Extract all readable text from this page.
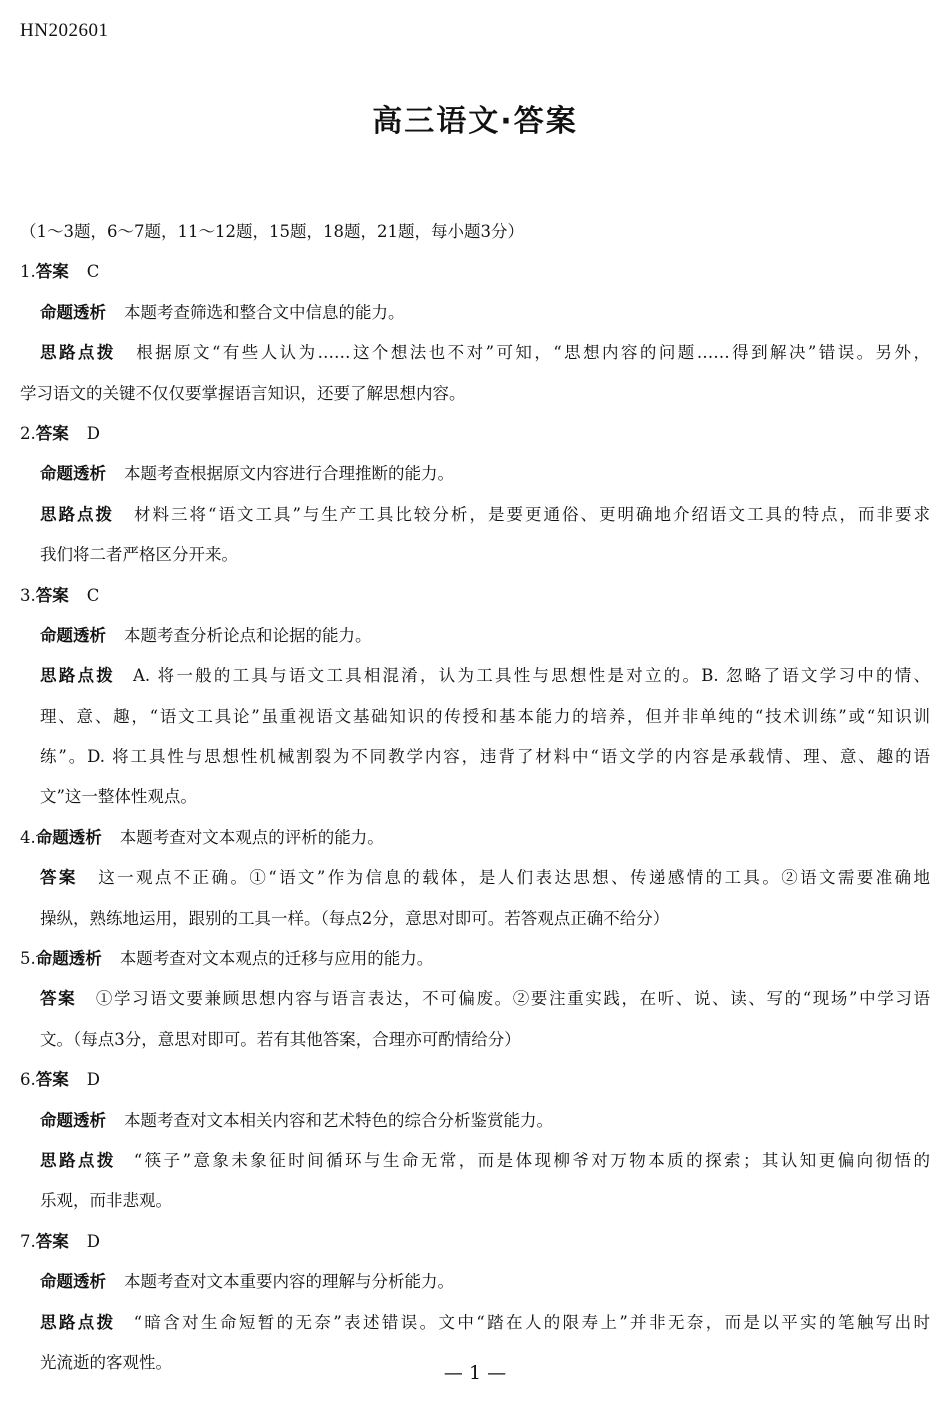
HN202601
高三语文·答案
（1～3题，6～7题，11～12题，15题，18题，21题，每小题3分）
1.答案 C
命题透析 本题考查筛选和整合文中信息的能力。
思路点拨 根据原文“有些人认为……这个想法也不对”可知，“思想内容的问题……得到解决”错误。另外，
学习语文的关键不仅仅要掌握语言知识，还要了解思想内容。
2.答案 D
命题透析 本题考查根据原文内容进行合理推断的能力。
思路点拨 材料三将“语文工具”与生产工具比较分析，是要更通俗、更明确地介绍语文工具的特点，而非要求
我们将二者严格区分开来。
3.答案 C
命题透析 本题考查分析论点和论据的能力。
思路点拨 A. 将一般的工具与语文工具相混淆，认为工具性与思想性是对立的。B. 忽略了语文学习中的情、
理、意、趣，“语文工具论”虽重视语文基础知识的传授和基本能力的培养，但并非单纯的“技术训练”或“知识训
练”。D. 将工具性与思想性机械割裂为不同教学内容，违背了材料中“语文学的内容是承载情、理、意、趣的语
文”这一整体性观点。
4.命题透析 本题考查对文本观点的评析的能力。
答案 这一观点不正确。①“语文”作为信息的载体，是人们表达思想、传递感情的工具。②语文需要准确地
操纵，熟练地运用，跟别的工具一样。（每点2分，意思对即可。若答观点正确不给分）
5.命题透析 本题考查对文本观点的迁移与应用的能力。
答案 ①学习语文要兼顾思想内容与语言表达，不可偏废。②要注重实践，在听、说、读、写的“现场”中学习语
文。（每点3分，意思对即可。若有其他答案，合理亦可酌情给分）
6.答案 D
命题透析 本题考查对文本相关内容和艺术特色的综合分析鉴赏能力。
思路点拨 “筷子”意象未象征时间循环与生命无常，而是体现柳爷对万物本质的探索；其认知更偏向彻悟的
乐观，而非悲观。
7.答案 D
命题透析 本题考查对文本重要内容的理解与分析能力。
思路点拨 “暗含对生命短暂的无奈”表述错误。文中“踏在人的限寿上”并非无奈，而是以平实的笔触写出时
光流逝的客观性。	— 1 —
